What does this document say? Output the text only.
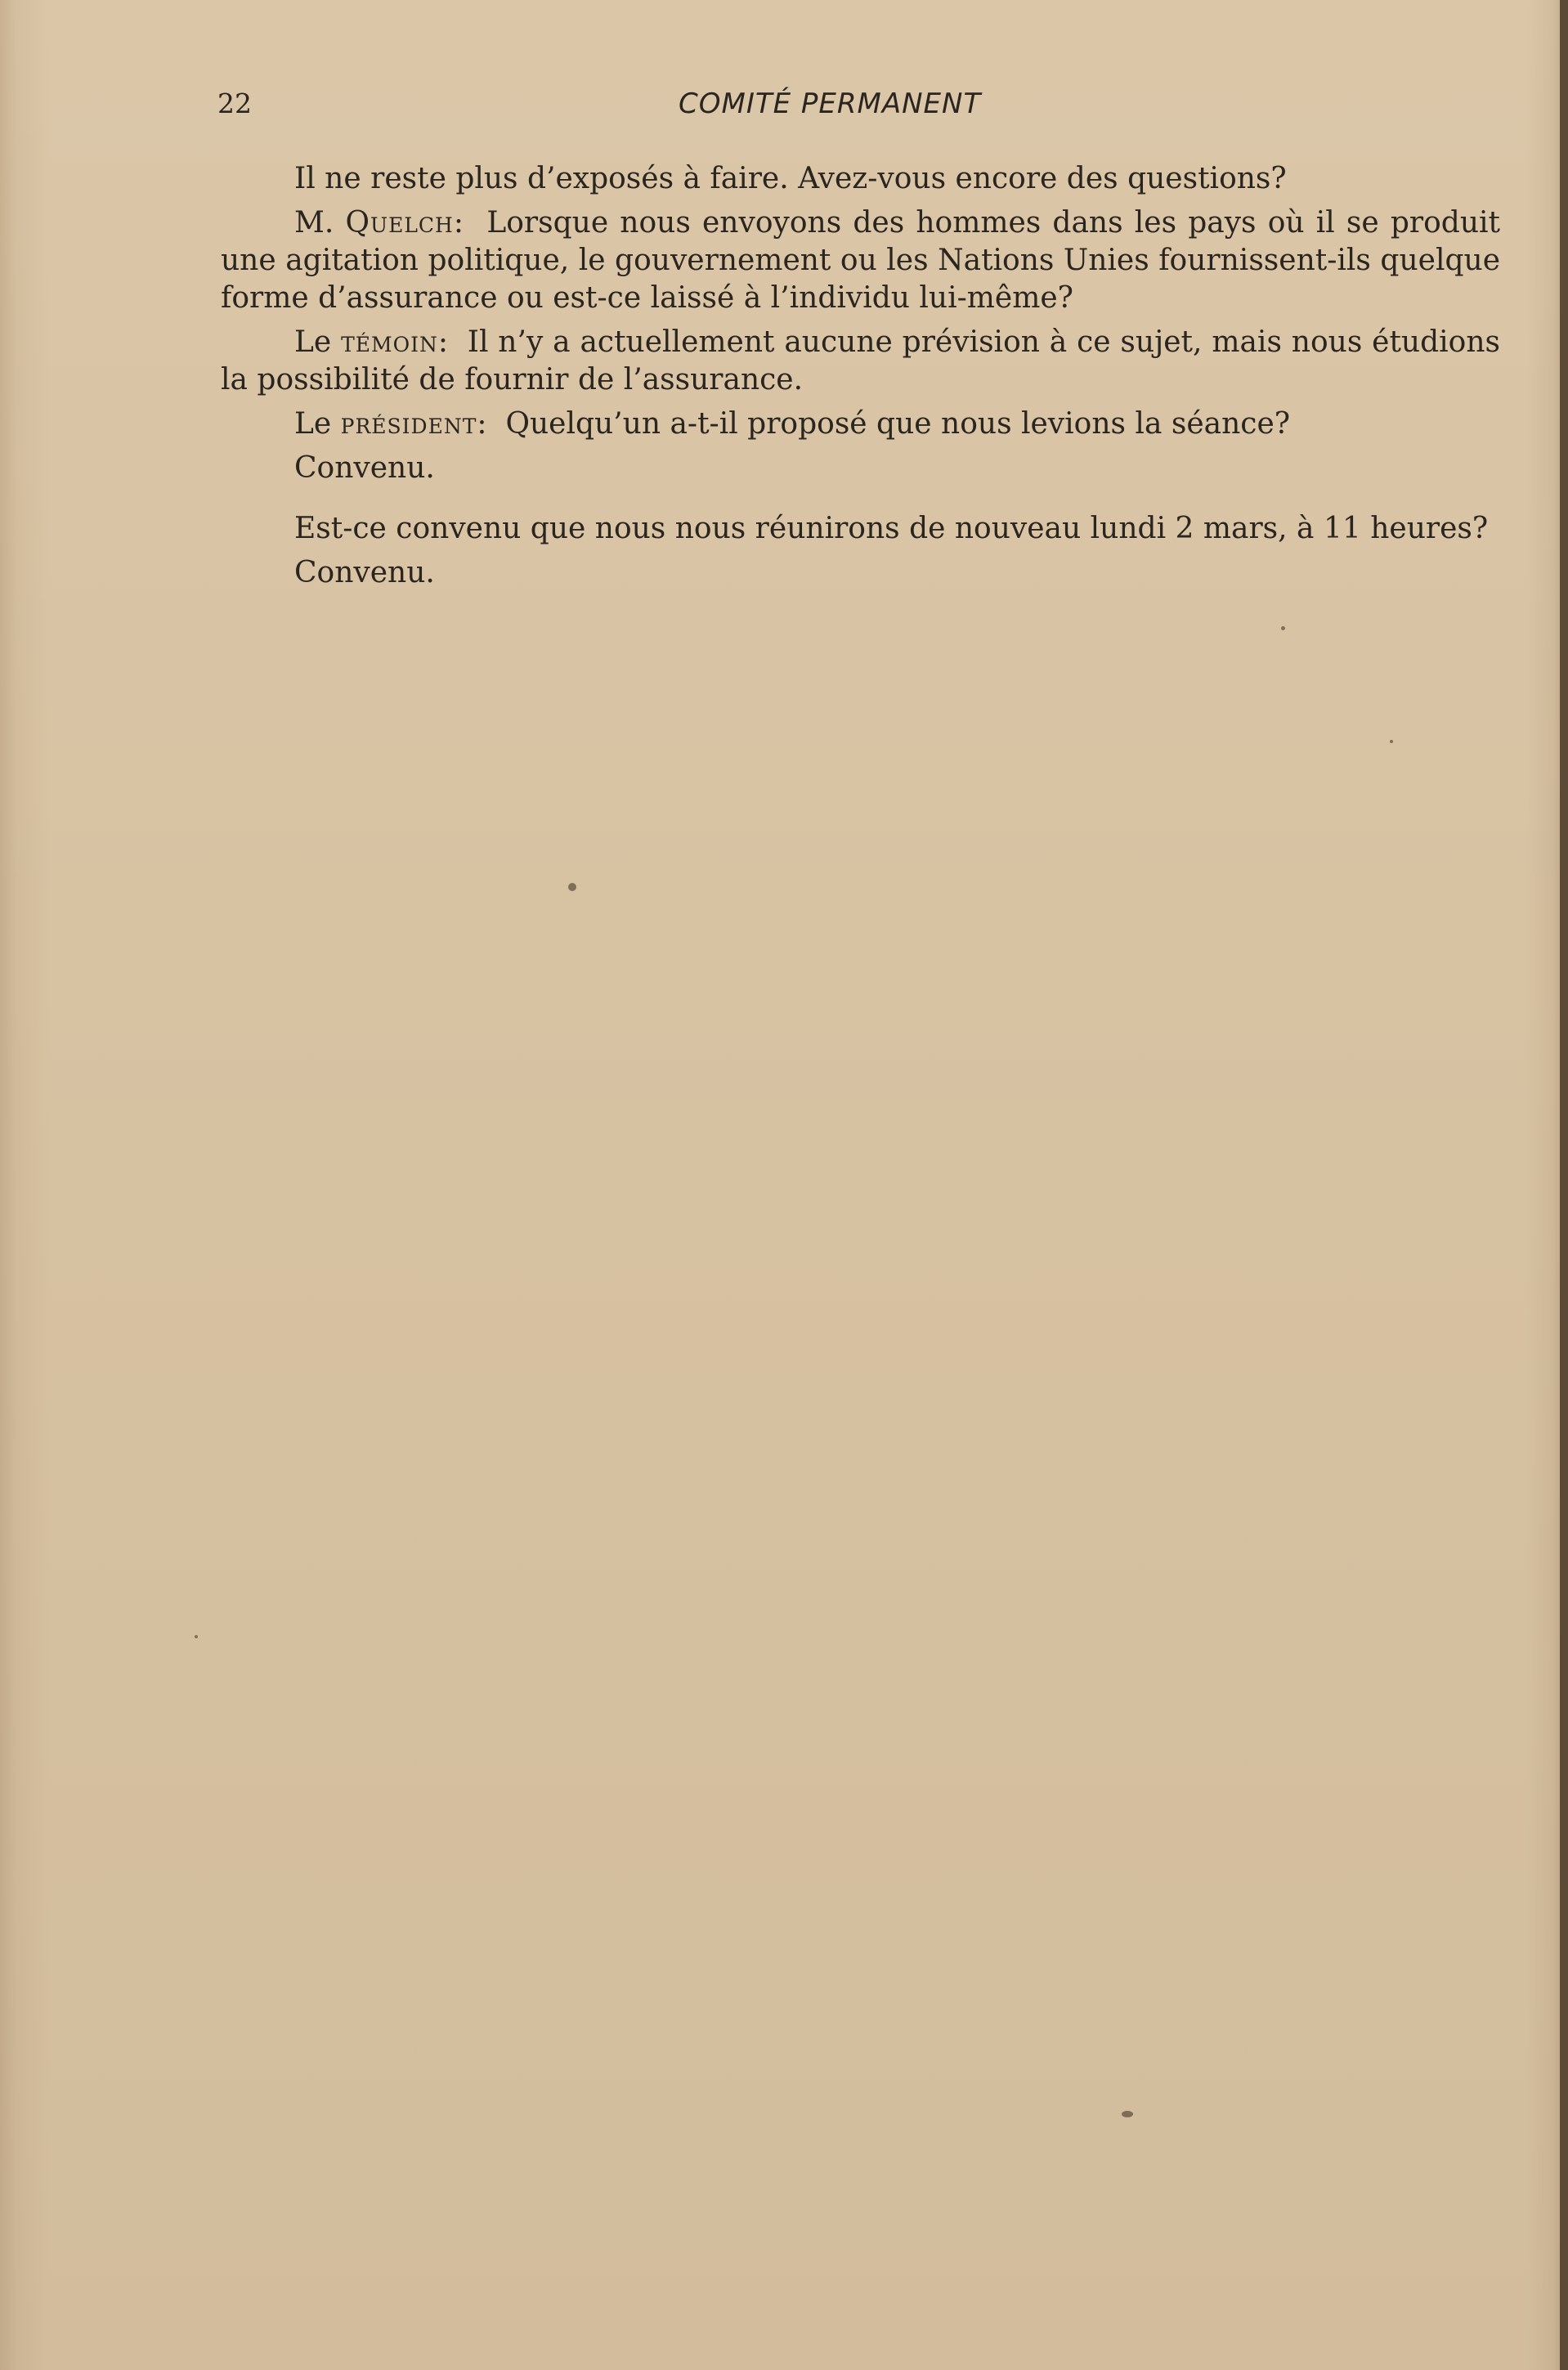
22	COMITÉ PERMANENT

Il ne reste plus d’exposés à faire. Avez-vous encore des questions?

M. Quelch: Lorsque nous envoyons des hommes dans les pays où il se produit une agitation politique, le gouvernement ou les Nations Unies fournissent-ils quelque forme d’assurance ou est-ce laissé à l’individu lui-même?

Le témoin: Il n’y a actuellement aucune prévision à ce sujet, mais nous étudions la possibilité de fournir de l’assurance.

Le président: Quelqu’un a-t-il proposé que nous levions la séance?

Convenu.

Est-ce convenu que nous nous réunirons de nouveau lundi 2 mars, à 11 heures?

Convenu.
